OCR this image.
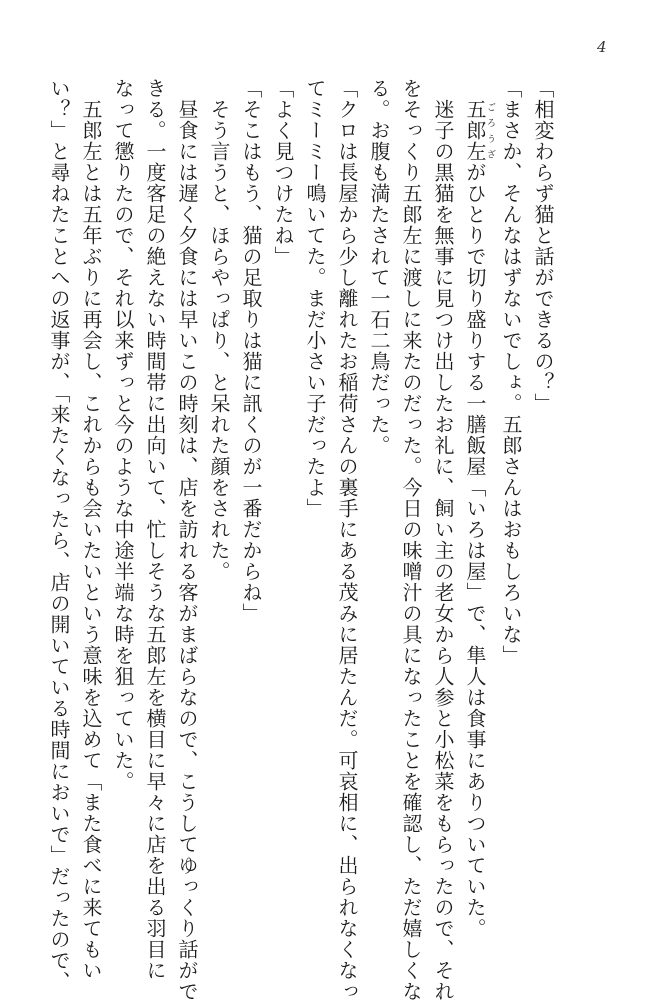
4
「相変わらず猫と話ができるの？」
「まさか、そんなはずないでしょ。五郎さんはおもしろいな」
　五郎左ごろうざがひとりで切り盛りする一膳飯屋「いろは屋」で、隼人は食事にありついていた。
　迷子の黒猫を無事に見つけ出したお礼に、飼い主の老女から人参と小松菜をもらったので、それ
をそっくり五郎左に渡しに来たのだった。今日の味噌汁の具になったことを確認し、ただ嬉しくな
る。お腹も満たされて一石二鳥だった。
「クロは長屋から少し離れたお稲荷さんの裏手にある茂みに居たんだ。可哀相に、出られなくなっ
てミーミー鳴いてた。まだ小さい子だったよ」
「よく見つけたね」
「そこはもう、猫の足取りは猫に訊くのが一番だからね」
　そう言うと、ほらやっぱり、と呆れた顔をされた。
　昼食には遅く夕食には早いこの時刻は、店を訪れる客がまばらなので、こうしてゆっくり話がで
きる。一度客足の絶えない時間帯に出向いて、忙しそうな五郎左を横目に早々に店を出る羽目に
なって懲りたので、それ以来ずっと今のような中途半端な時を狙っていた。
　五郎左とは五年ぶりに再会し、これからも会いたいという意味を込めて「また食べに来てもい
い？」と尋ねたことへの返事が、「来たくなったら、店の開いている時間においで」だったので、
